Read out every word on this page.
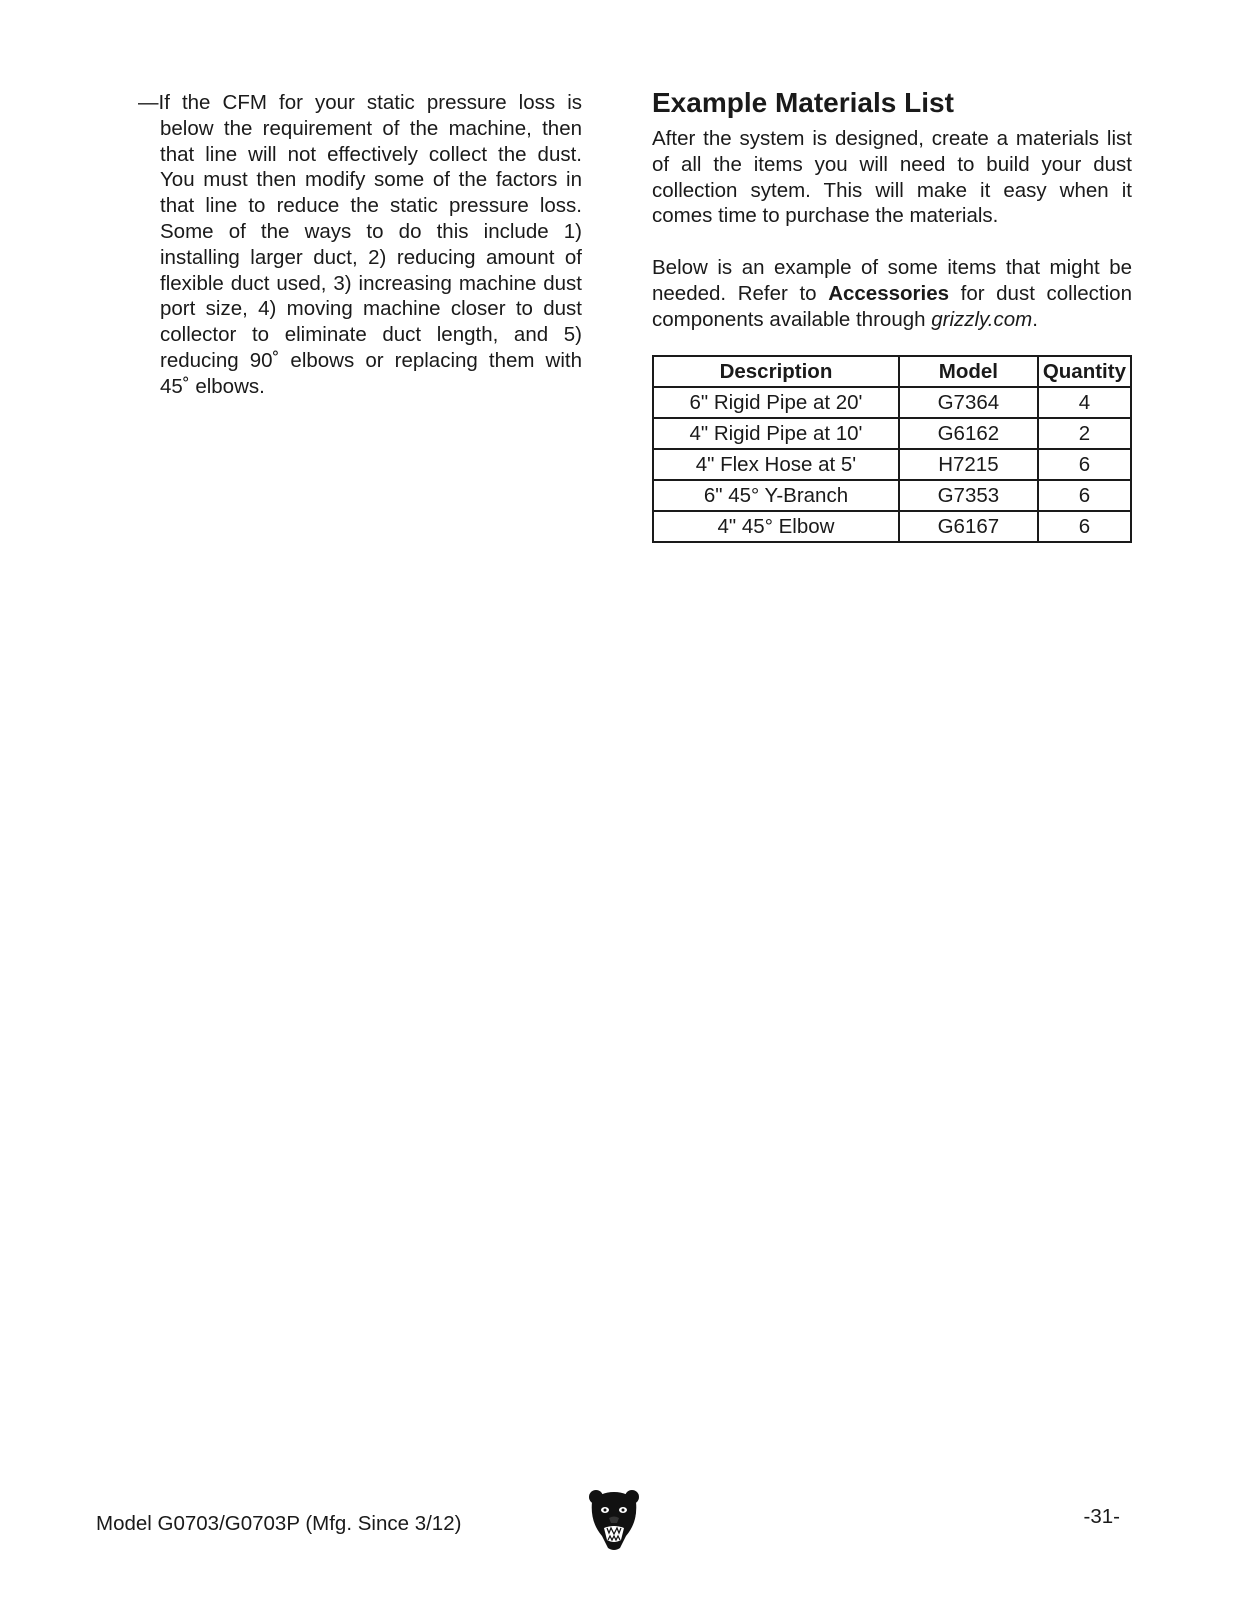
—If the CFM for your static pressure loss is below the requirement of the machine, then that line will not effectively collect the dust. You must then modify some of the factors in that line to reduce the static pressure loss. Some of the ways to do this include 1) installing larger duct, 2) reducing amount of flexible duct used, 3) increasing machine dust port size, 4) moving machine closer to dust collector to eliminate duct length, and 5) reducing 90˚ elbows or replacing them with 45˚ elbows.

Example Materials List

After the system is designed, create a materials list of all the items you will need to build your dust collection sytem. This will make it easy when it comes time to purchase the materials.

Below is an example of some items that might be needed. Refer to Accessories for dust collection components available through grizzly.com.

Description	Model	Quantity
6" Rigid Pipe at 20'	G7364	4
4" Rigid Pipe at 10'	G6162	2
4" Flex Hose at 5'	H7215	6
6" 45° Y-Branch	G7353	6
4" 45° Elbow	G6167	6
Model G0703/G0703P (Mfg. Since 3/12)	-31-
